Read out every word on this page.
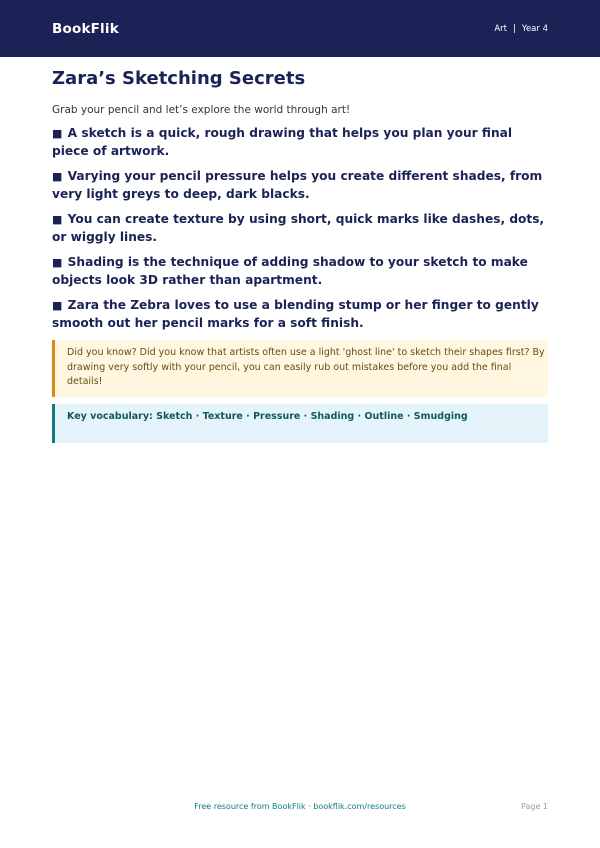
BookFlik	Art | Year 4
Zara’s Sketching Secrets

Grab your pencil and let’s explore the world through art!

■ A sketch is a quick, rough drawing that helps you plan your final piece of artwork.
■ Varying your pencil pressure helps you create different shades, from very light greys to deep, dark blacks.
■ You can create texture by using short, quick marks like dashes, dots, or wiggly lines.
■ Shading is the technique of adding shadow to your sketch to make objects look 3D rather than apartment.
■ Zara the Zebra loves to use a blending stump or her finger to gently smooth out her pencil marks for a soft finish.
Did you know? Did you know that artists often use a light 'ghost line' to sketch their shapes first? By drawing very softly with your pencil, you can easily rub out mistakes before you add the final details!
Key vocabulary: Sketch · Texture · Pressure · Shading · Outline · Smudging
Free resource from BookFlik · bookflik.com/resources	Page 1
